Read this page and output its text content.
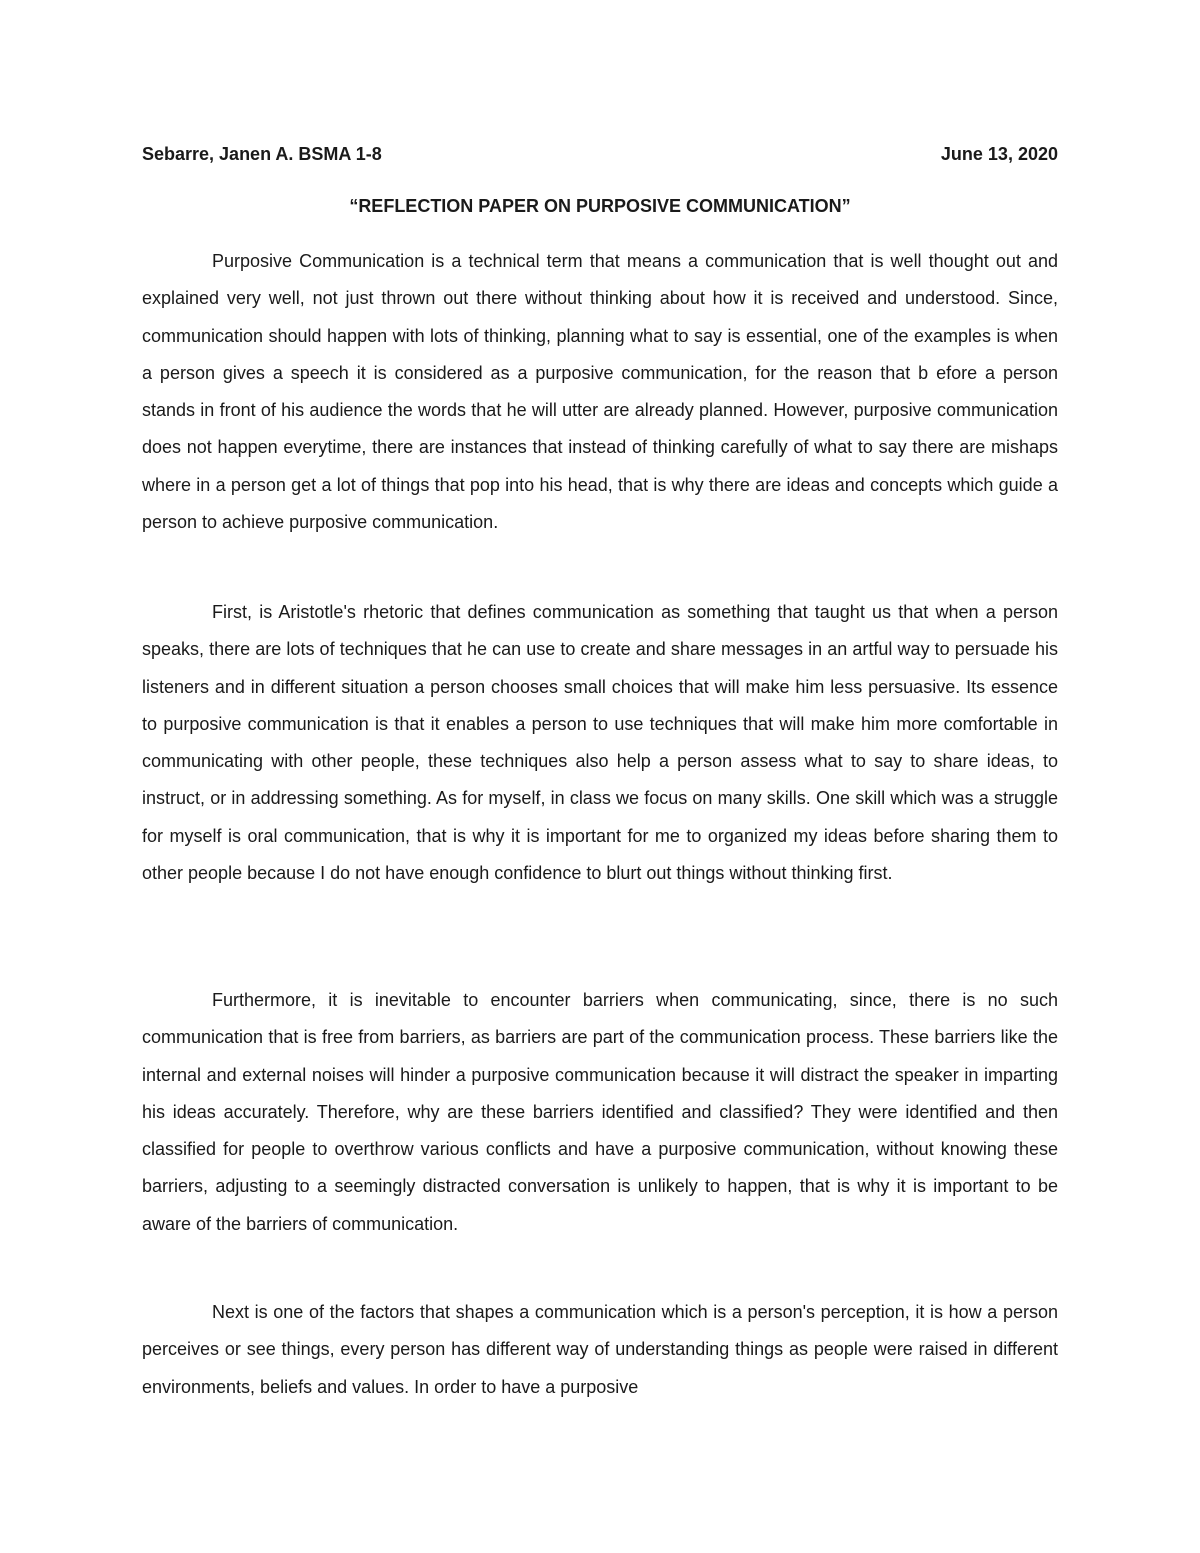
Sebarre, Janen A. BSMA 1-8	June 13, 2020
“REFLECTION PAPER ON PURPOSIVE COMMUNICATION”

Purposive Communication is a technical term that means a communication that is well thought out and explained very well, not just thrown out there without thinking about how it is received and understood. Since, communication should happen with lots of thinking, planning what to say is essential, one of the examples is when a person gives a speech it is considered as a purposive communication, for the reason that b efore a person stands in front of his audience the words that he will utter are already planned. However, purposive communication does not happen everytime, there are instances that instead of thinking carefully of what to say there are mishaps where in a person get a lot of things that pop into his head, that is why there are ideas and concepts which guide a person to achieve purposive communication.

First, is Aristotle's rhetoric that defines communication as something that taught us that when a person speaks, there are lots of techniques that he can use to create and share messages in an artful way to persuade his listeners and in different situation a person chooses small choices that will make him less persuasive. Its essence to purposive communication is that it enables a person to use techniques that will make him more comfortable in communicating with other people, these techniques also help a person assess what to say to share ideas, to instruct, or in addressing something. As for myself, in class we focus on many skills. One skill which was a struggle for myself is oral communication, that is why it is important for me to organized my ideas before sharing them to other people because I do not have enough confidence to blurt out things without thinking first.

Furthermore, it is inevitable to encounter barriers when communicating, since, there is no such communication that is free from barriers, as barriers are part of the communication process. These barriers like the internal and external noises will hinder a purposive communication because it will distract the speaker in imparting his ideas accurately. Therefore, why are these barriers identified and classified? They were identified and then classified for people to overthrow various conflicts and have a purposive communication, without knowing these barriers, adjusting to a seemingly distracted conversation is unlikely to happen, that is why it is important to be aware of the barriers of communication.

Next is one of the factors that shapes a communication which is a person's perception, it is how a person perceives or see things, every person has different way of understanding things as people were raised in different environments, beliefs and values. In order to have a purposive
